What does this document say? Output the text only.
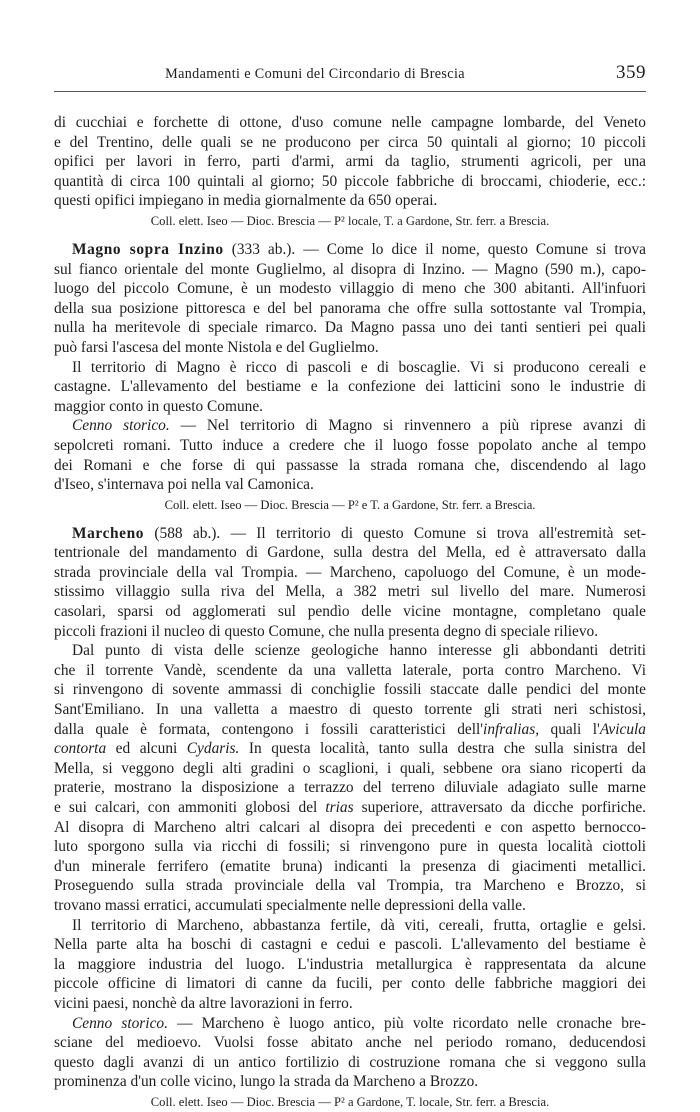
Mandamenti e Comuni del Circondario di Brescia	359
di cucchiai e forchette di ottone, d'uso comune nelle campagne lombarde, del Veneto
e del Trentino, delle quali se ne producono per circa 50 quintali al giorno; 10 piccoli
opifici per lavori in ferro, parti d'armi, armi da taglio, strumenti agricoli, per una
quantità di circa 100 quintali al giorno; 50 piccole fabbriche di broccami, chioderie, ecc.:
questi opifici impiegano in media giornalmente da 650 operai.
Coll. elett. Iseo — Dioc. Brescia — P² locale, T. a Gardone, Str. ferr. a Brescia.
Magno sopra Inzino (333 ab.). — Come lo dice il nome, questo Comune si trova
sul fianco orientale del monte Guglielmo, al disopra di Inzino. — Magno (590 m.), capo-
luogo del piccolo Comune, è un modesto villaggio di meno che 300 abitanti. All'infuori
della sua posizione pittoresca e del bel panorama che offre sulla sottostante val Trompia,
nulla ha meritevole di speciale rimarco. Da Magno passa uno dei tanti sentieri pei quali
può farsi l'ascesa del monte Nistola e del Guglielmo.
Il territorio di Magno è ricco di pascoli e di boscaglie. Vi si producono cereali e
castagne. L'allevamento del bestiame e la confezione dei latticini sono le industrie di
maggior conto in questo Comune.
Cenno storico. — Nel territorio di Magno si rinvennero a più riprese avanzi di
sepolcreti romani. Tutto induce a credere che il luogo fosse popolato anche al tempo
dei Romani e che forse di qui passasse la strada romana che, discendendo al lago
d'Iseo, s'internava poi nella val Camonica.
Coll. elett. Iseo — Dioc. Brescia — P² e T. a Gardone, Str. ferr. a Brescia.
Marcheno (588 ab.). — Il territorio di questo Comune si trova all'estremità set-
tentrionale del mandamento di Gardone, sulla destra del Mella, ed è attraversato dalla
strada provinciale della val Trompia. — Marcheno, capoluogo del Comune, è un mode-
stissimo villaggio sulla riva del Mella, a 382 metri sul livello del mare. Numerosi
casolari, sparsi od agglomerati sul pendìo delle vicine montagne, completano quale
piccoli frazioni il nucleo di questo Comune, che nulla presenta degno di speciale rilievo.
Dal punto di vista delle scienze geologiche hanno interesse gli abbondanti detriti
che il torrente Vandè, scendente da una valletta laterale, porta contro Marcheno. Vi
si rinvengono di sovente ammassi di conchiglie fossili staccate dalle pendici del monte
Sant'Emiliano. In una valletta a maestro di questo torrente gli strati neri schistosi,
dalla quale è formata, contengono i fossili caratteristici dell'infralias, quali l'Avicula
contorta ed alcuni Cydaris. In questa località, tanto sulla destra che sulla sinistra del
Mella, si veggono degli alti gradini o scaglioni, i quali, sebbene ora siano ricoperti da
praterie, mostrano la disposizione a terrazzo del terreno diluviale adagiato sulle marne
e sui calcari, con ammoniti globosi del trias superiore, attraversato da dicche porfiriche.
Al disopra di Marcheno altri calcari al disopra dei precedenti e con aspetto bernocco-
luto sporgono sulla via ricchi di fossili; si rinvengono pure in questa località ciottoli
d'un minerale ferrifero (ematite bruna) indicanti la presenza di giacimenti metallici.
Proseguendo sulla strada provinciale della val Trompia, tra Marcheno e Brozzo, si
trovano massi erratici, accumulati specialmente nelle depressioni della valle.
Il territorio di Marcheno, abbastanza fertile, dà viti, cereali, frutta, ortaglie e gelsi.
Nella parte alta ha boschi di castagni e cedui e pascoli. L'allevamento del bestiame è
la maggiore industria del luogo. L'industria metallurgica è rappresentata da alcune
piccole officine di limatori di canne da fucili, per conto delle fabbriche maggiori dei
vicini paesi, nonchè da altre lavorazioni in ferro.
Cenno storico. — Marcheno è luogo antico, più volte ricordato nelle cronache bre-
sciane del medioevo. Vuolsi fosse abitato anche nel periodo romano, deducendosi
questo dagli avanzi di un antico fortilizio di costruzione romana che si veggono sulla
prominenza d'un colle vicino, lungo la strada da Marcheno a Brozzo.
Coll. elett. Iseo — Dioc. Brescia — P² a Gardone, T. locale, Str. ferr. a Brescia.
